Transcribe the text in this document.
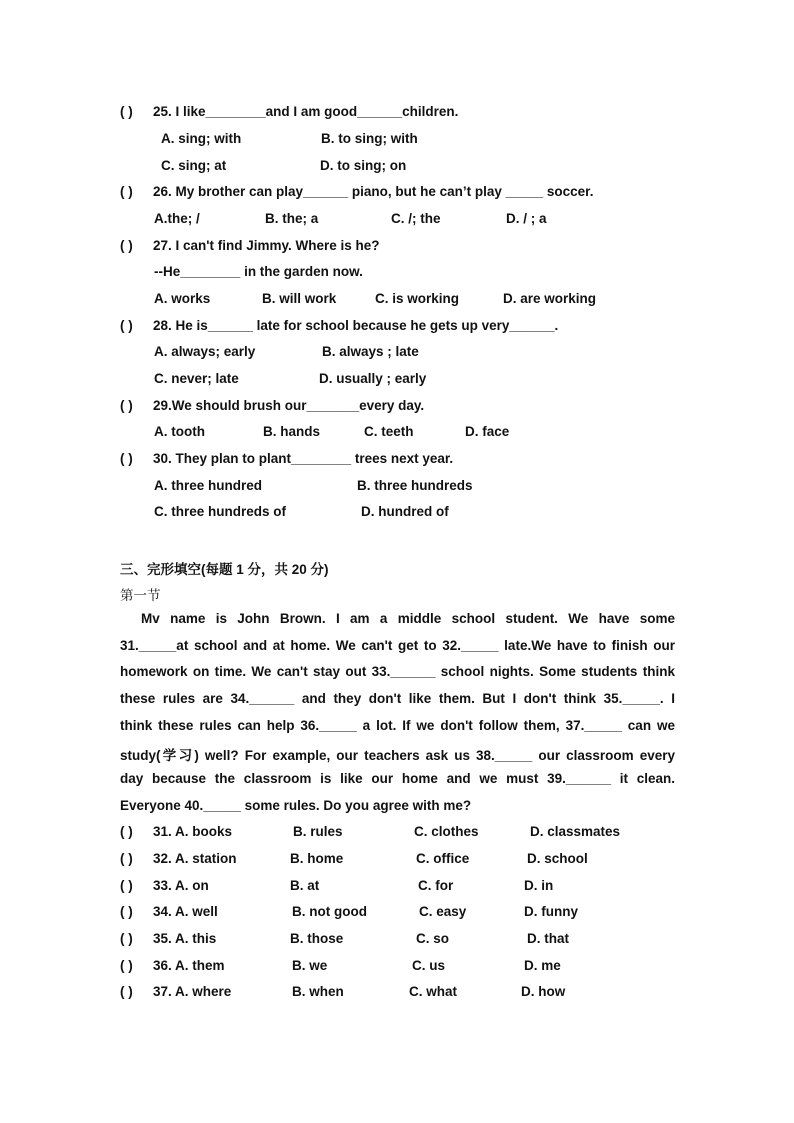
( ) 25. I like________and I am good______children.
A. sing; with	B. to sing; with
C. sing; at	D. to sing; on
( ) 26. My brother can play______ piano, but he can’t play _____ soccer.
A.the; /	B. the; a	C. /; the	D. / ; a
( ) 27. I can't find Jimmy. Where is he?
--He________ in the garden now.
A. works	B. will work	C. is working	D. are working
( ) 28. He is______ late for school because he gets up very______.
A. always; early	B. always ; late
C. never; late	D. usually ; early
( ) 29.We should brush our_______every day.
A. tooth	B. hands	C. teeth	D. face
( ) 30. They plan to plant________ trees next year.
A. three hundred	B. three hundreds
C. three hundreds of	D. hundred of
三、完形填空(每题 1 分，共 20 分)
第一节
Mv name is John Brown. I am a middle school student. We have some
31._____at school and at home. We can't get to 32._____ late.We have to finish our
homework on time. We can't stay out 33.______ school nights. Some students think
these rules are 34.______ and they don't like them. But I don't think 35._____. I
think these rules can help 36._____ a lot. If we don't follow them, 37._____ can we
study(学习) well? For example, our teachers ask us 38._____ our classroom every
day because the classroom is like our home and we must 39.______ it clean.
Everyone 40._____ some rules. Do you agree with me?
( ) 31. A. books	B. rules	C. clothes	D. classmates
( ) 32. A. station	B. home	C. office	D. school
( ) 33. A. on	B. at	C. for	D. in
( ) 34. A. well	B. not good	C. easy	D. funny
( ) 35. A. this	B. those	C. so	D. that
( ) 36. A. them	B. we	C. us	D. me
( ) 37. A. where	B. when	C. what	D. how
